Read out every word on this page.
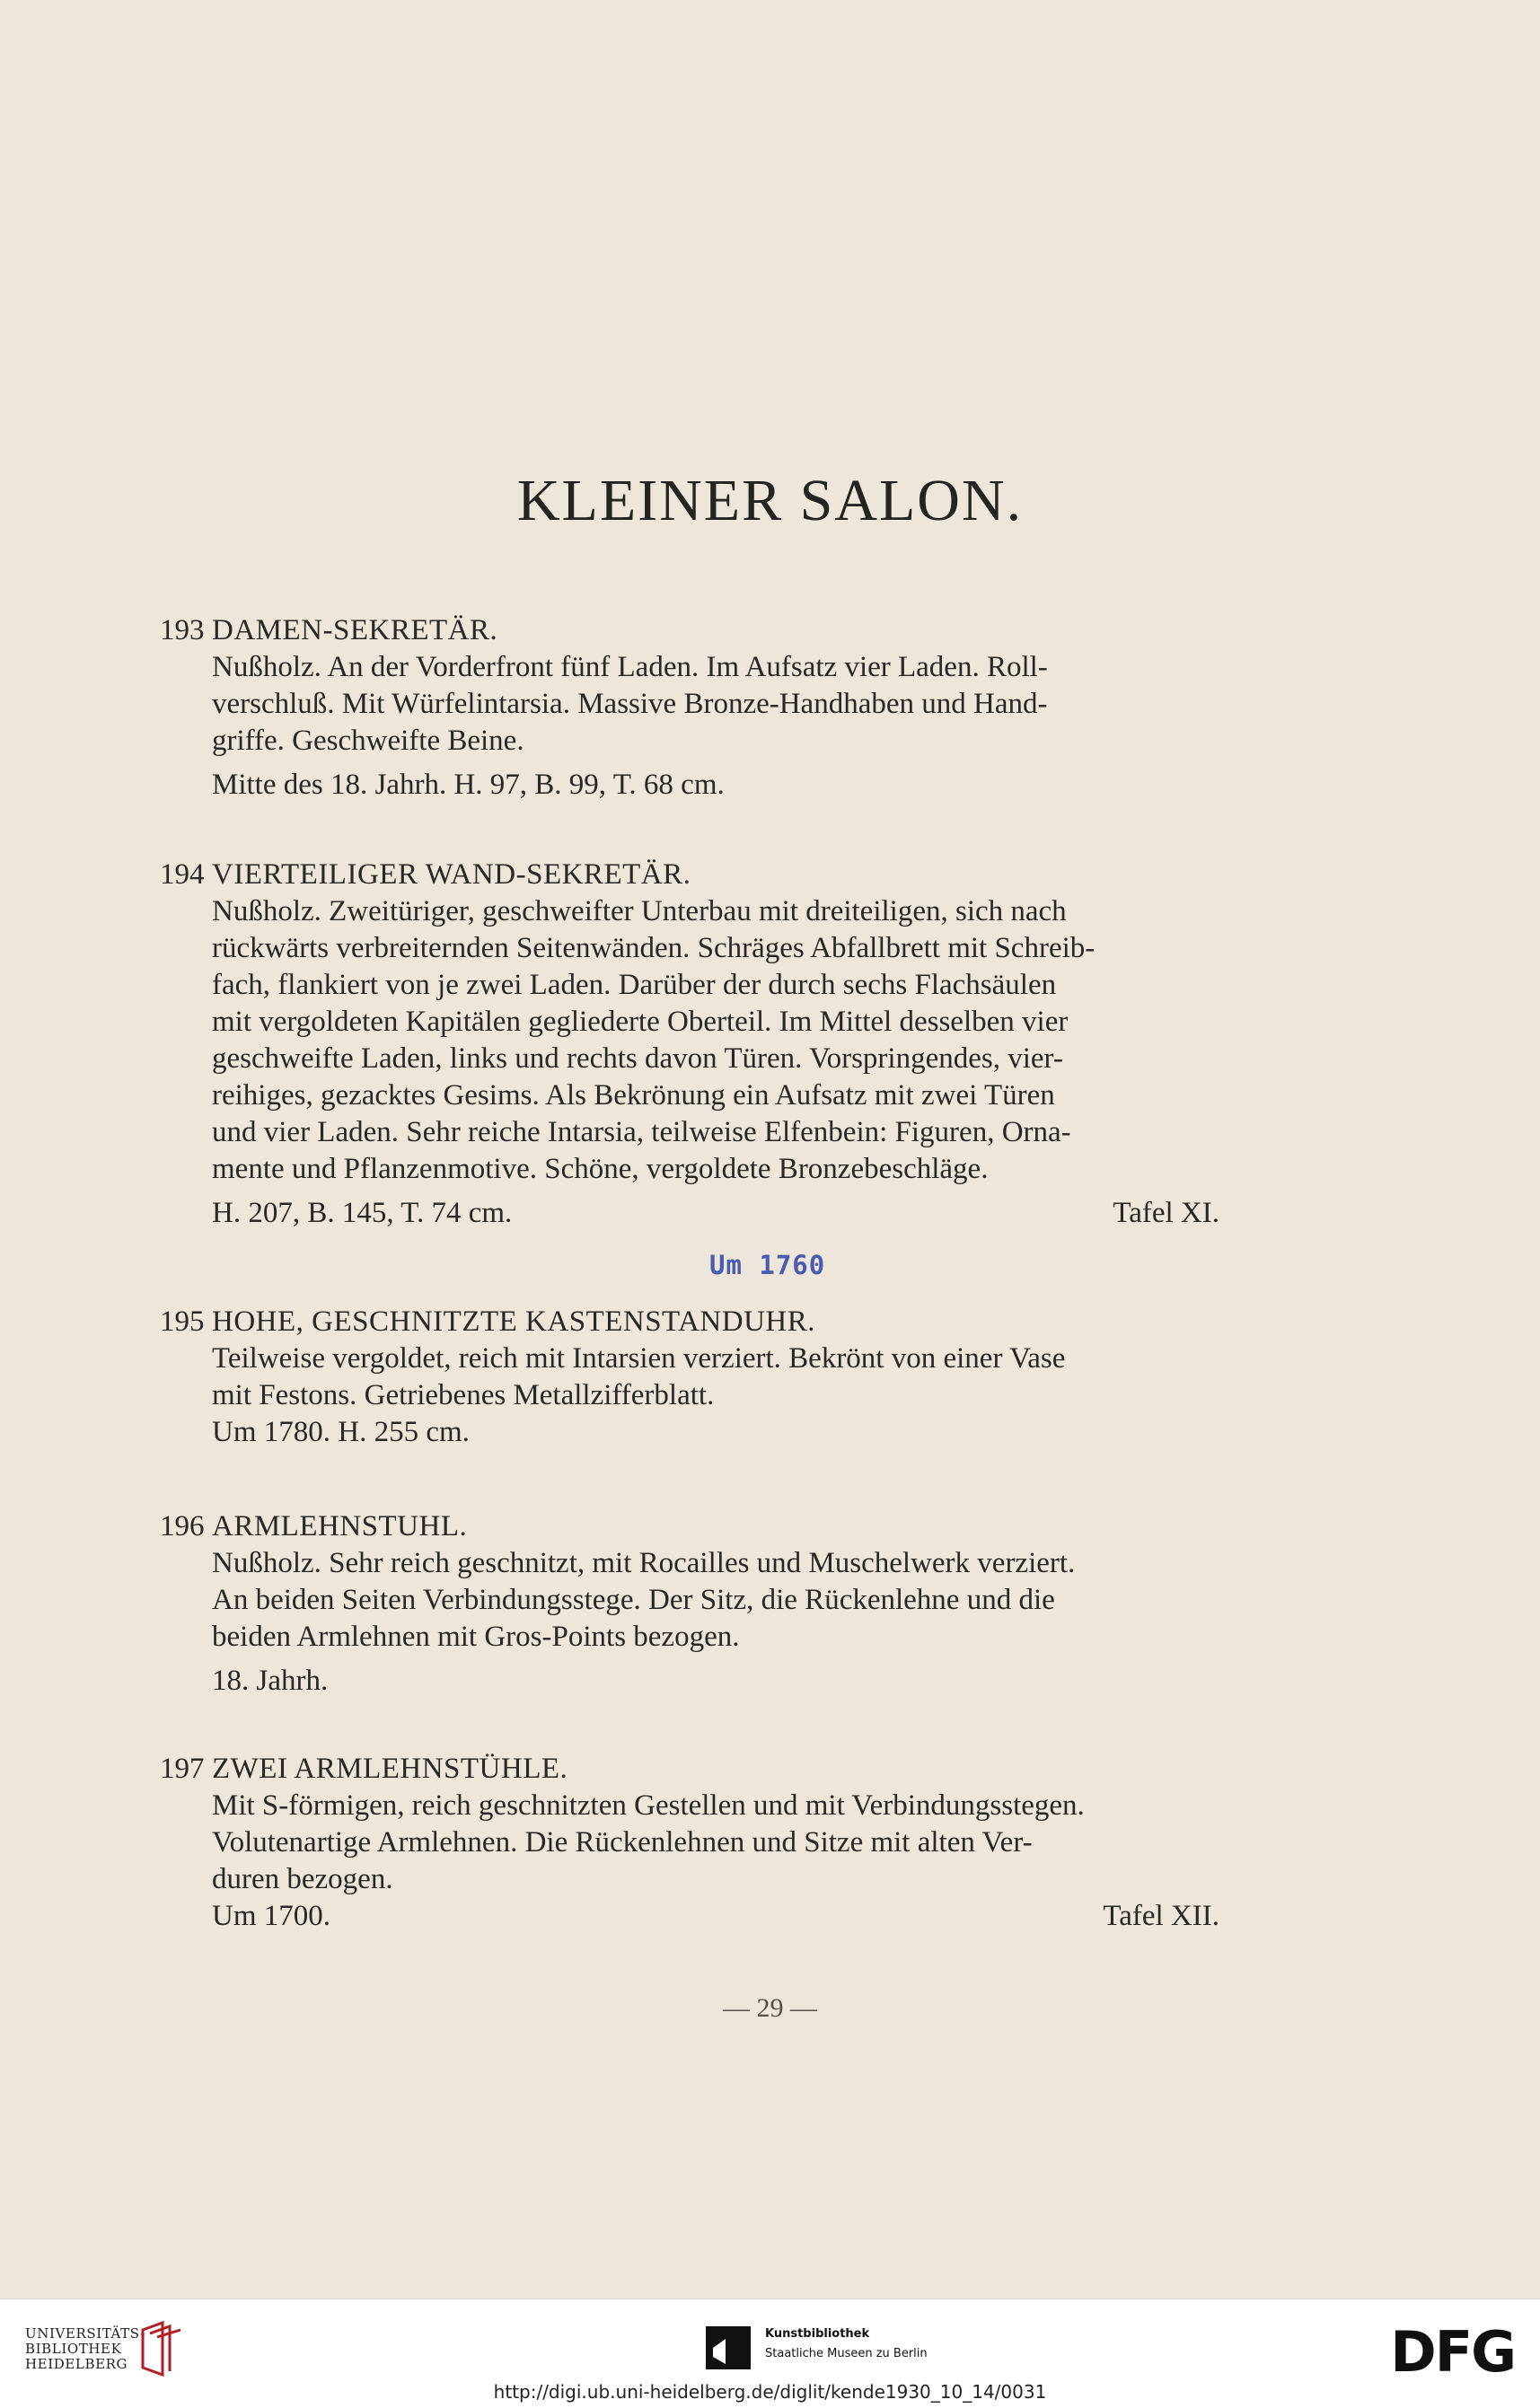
KLEINER SALON.
193 DAMEN-SEKRETÄR.

Nußholz. An der Vorderfront fünf Laden. Im Aufsatz vier Laden. Roll-

verschluß. Mit Würfelintarsia. Massive Bronze-Handhaben und Hand-

griffe. Geschweifte Beine.

Mitte des 18. Jahrh. H. 97, B. 99, T. 68 cm.
194 VIERTEILIGER WAND-SEKRETÄR.

Nußholz. Zweitüriger, geschweifter Unterbau mit dreiteiligen, sich nach

rückwärts verbreiternden Seitenwänden. Schräges Abfallbrett mit Schreib-

fach, flankiert von je zwei Laden. Darüber der durch sechs Flachsäulen

mit vergoldeten Kapitälen gegliederte Oberteil. Im Mittel desselben vier

geschweifte Laden, links und rechts davon Türen. Vorspringendes, vier-

reihiges, gezacktes Gesims. Als Bekrönung ein Aufsatz mit zwei Türen

und vier Laden. Sehr reiche Intarsia, teilweise Elfenbein: Figuren, Orna-

mente und Pflanzenmotive. Schöne, vergoldete Bronzebeschläge.

H. 207, B. 145, T. 74 cm.	Tafel XI.
Um 1760
195 HOHE, GESCHNITZTE KASTENSTANDUHR.

Teilweise vergoldet, reich mit Intarsien verziert. Bekrönt von einer Vase

mit Festons. Getriebenes Metallzifferblatt.

Um 1780. H. 255 cm.
196 ARMLEHNSTUHL.

Nußholz. Sehr reich geschnitzt, mit Rocailles und Muschelwerk verziert.

An beiden Seiten Verbindungsstege. Der Sitz, die Rückenlehne und die

beiden Armlehnen mit Gros-Points bezogen.

18. Jahrh.
197 ZWEI ARMLEHNSTÜHLE.

Mit S-förmigen, reich geschnitzten Gestellen und mit Verbindungsstegen.

Volutenartige Armlehnen. Die Rückenlehnen und Sitze mit alten Ver-

duren bezogen.

Um 1700.	Tafel XII.
— 29 —
UNIVERSITÄTS-
BIBLIOTHEK
HEIDELBERG
Kunstbibliothek
Staatliche Museen zu Berlin	DFG
http://digi.ub.uni-heidelberg.de/diglit/kende1930_10_14/0031
